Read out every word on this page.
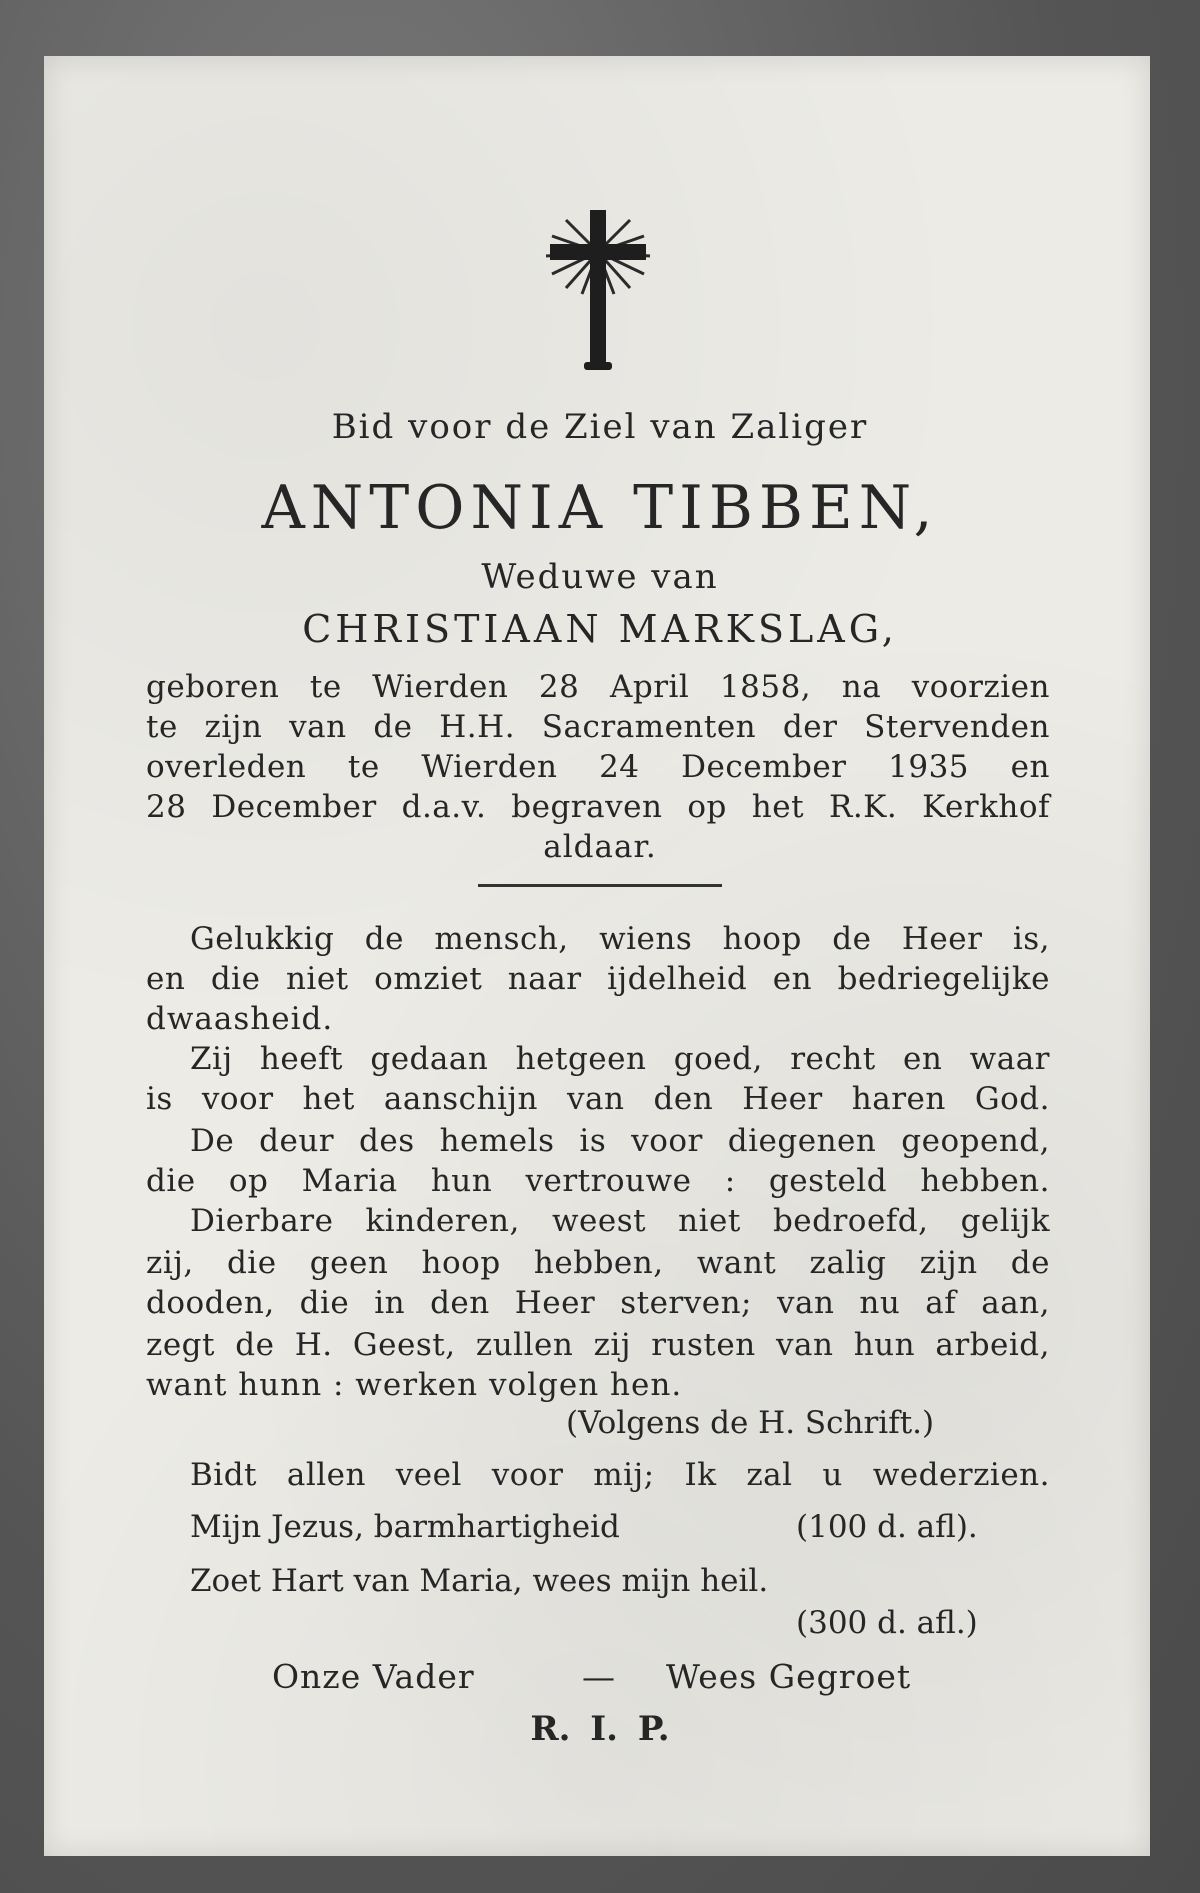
Bid voor de Ziel van Zaliger
ANTONIA TIBBEN,
Weduwe van
CHRISTIAAN MARKSLAG,
geboren te Wierden 28 April 1858, na voorzien
te zijn van de H.H. Sacramenten der Stervenden
overleden te Wierden 24 December 1935 en
28 December d.a.v. begraven op het R.K. Kerkhof
aldaar.
Gelukkig de mensch, wiens hoop de Heer is,
en die niet omziet naar ijdelheid en bedriegelijke
dwaasheid.
Zij heeft gedaan hetgeen goed, recht en waar
is voor het aanschijn van den Heer haren God.
De deur des hemels is voor diegenen geopend,
die op Maria hun vertrouwe : gesteld hebben.
Dierbare kinderen, weest niet bedroefd, gelijk
zij, die geen hoop hebben, want zalig zijn de
dooden, die in den Heer sterven; van nu af aan,
zegt de H. Geest, zullen zij rusten van hun arbeid,
want hunn : werken volgen hen.
(Volgens de H. Schrift.)
Bidt allen veel voor mij; Ik zal u wederzien.
Mijn Jezus, barmhartigheid	(100 d. afl).
Zoet Hart van Maria, wees mijn heil.
(300 d. afl.)
Onze Vader	— Wees Gegroet
R. I. P.
